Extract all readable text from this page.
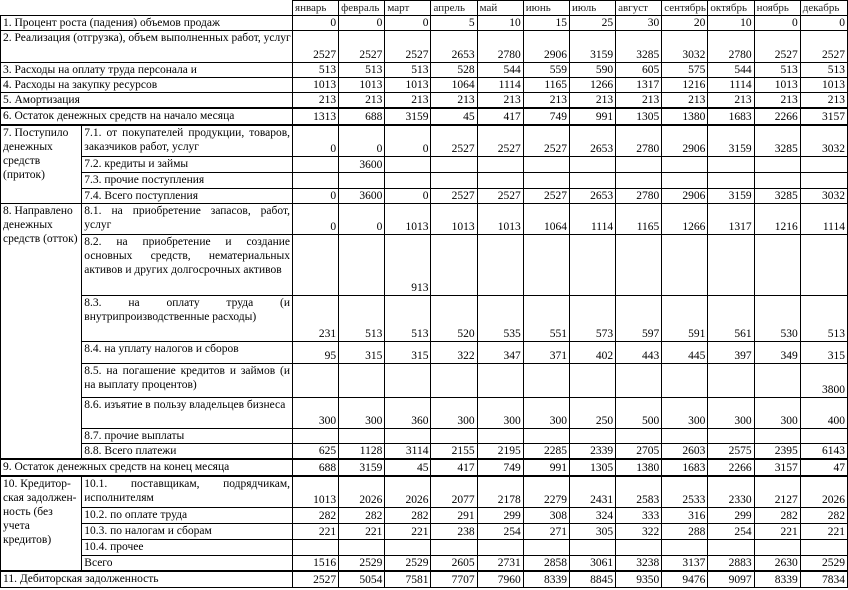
		январь	февраль	март	апрель	май	июнь	июль	август	сентябрь	октябрь	ноябрь	декабрь
1. Процент роста (падения) объемов продаж		0	0	0	5	10	15	25	30	20	10	0	0
2. Реализация (отгрузка), объем выполненных работ, услуг		2527	2527	2527	2653	2780	2906	3159	3285	3032	2780	2527	2527
3. Расходы на оплату труда персонала и		513	513	513	528	544	559	590	605	575	544	513	513
4. Расходы на закупку ресурсов		1013	1013	1013	1064	1114	1165	1266	1317	1216	1114	1013	1013
5. Амортизация		213	213	213	213	213	213	213	213	213	213	213	213
6. Остаток денежных средств на начало месяца		1313	688	3159	45	417	749	991	1305	1380	1683	2266	3157
7. Поступило денежных средств (приток)	7.1. от покупателей продукции, товаров, заказчиков работ, услуг	0	0	0	2527	2527	2527	2653	2780	2906	3159	3285	3032
	7.2. кредиты и займы		3600										
	7.3. прочие поступления												
	7.4. Всего поступления	0	3600	0	2527	2527	2527	2653	2780	2906	3159	3285	3032
8. Направлено денежных средств (отток)	8.1. на приобретение запасов, работ, услуг	0	0	1013	1013	1013	1064	1114	1165	1266	1317	1216	1114
	8.2. на приобретение и создание основных средств, нематериальных активов и других долгосрочных активов			913									
	8.3. на оплату труда (и внутрипроизводственные расходы)	231	513	513	520	535	551	573	597	591	561	530	513
	8.4. на уплату налогов и сборов	95	315	315	322	347	371	402	443	445	397	349	315
	8.5. на погашение кредитов и займов (и на выплату процентов)												3800
	8.6. изъятие в пользу владельцев бизнеса	300	300	360	300	300	300	250	500	300	300	300	400
	8.7. прочие выплаты												
	8.8. Всего платежи	625	1128	3114	2155	2195	2285	2339	2705	2603	2575	2395	6143
9. Остаток денежных средств на конец месяца		688	3159	45	417	749	991	1305	1380	1683	2266	3157	47
10. Кредитор-ская задолжен-ность (без учета кредитов)	10.1. поставщикам, подрядчикам, исполнителям	1013	2026	2026	2077	2178	2279	2431	2583	2533	2330	2127	2026
	10.2. по оплате труда	282	282	282	291	299	308	324	333	316	299	282	282
	10.3. по налогам и сборам	221	221	221	238	254	271	305	322	288	254	221	221
	10.4. прочее												
	Всего	1516	2529	2529	2605	2731	2858	3061	3238	3137	2883	2630	2529
11. Дебиторская задолженность		2527	5054	7581	7707	7960	8339	8845	9350	9476	9097	8339	7834
